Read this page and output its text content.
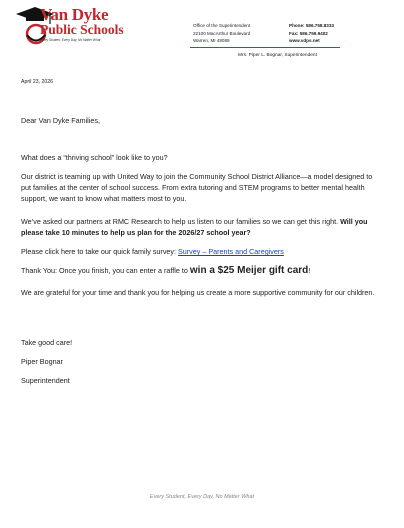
Van Dyke
Public Schools
Every Student, Every Day, No Matter What
Office of the Superintendent
22100 MacArthur Boulevard
Warren, MI 48089
Phone: 586.758.8333
Fax: 586.759.9402
www.vdps.net
Mrs. Piper L. Bognar, Superintendent
April 23, 2026
Dear Van Dyke Families,
What does a “thriving school” look like to you?
Our district is teaming up with United Way to join the Community School District Alliance—a model designed to put families at the center of school success. From extra tutoring and STEM programs to better mental health support, we want to know what matters most to you.
We’ve asked our partners at RMC Research to help us listen to our families so we can get this right. Will you please take 10 minutes to help us plan for the 2026/27 school year?
Please click here to take our quick family survey: Survey – Parents and Caregivers
Thank You: Once you finish, you can enter a raffle to win a $25 Meijer gift card!
We are grateful for your time and thank you for helping us create a more supportive community for our children.
Take good care!
Piper Bognar
Superintendent
Every Student, Every Day, No Matter What
